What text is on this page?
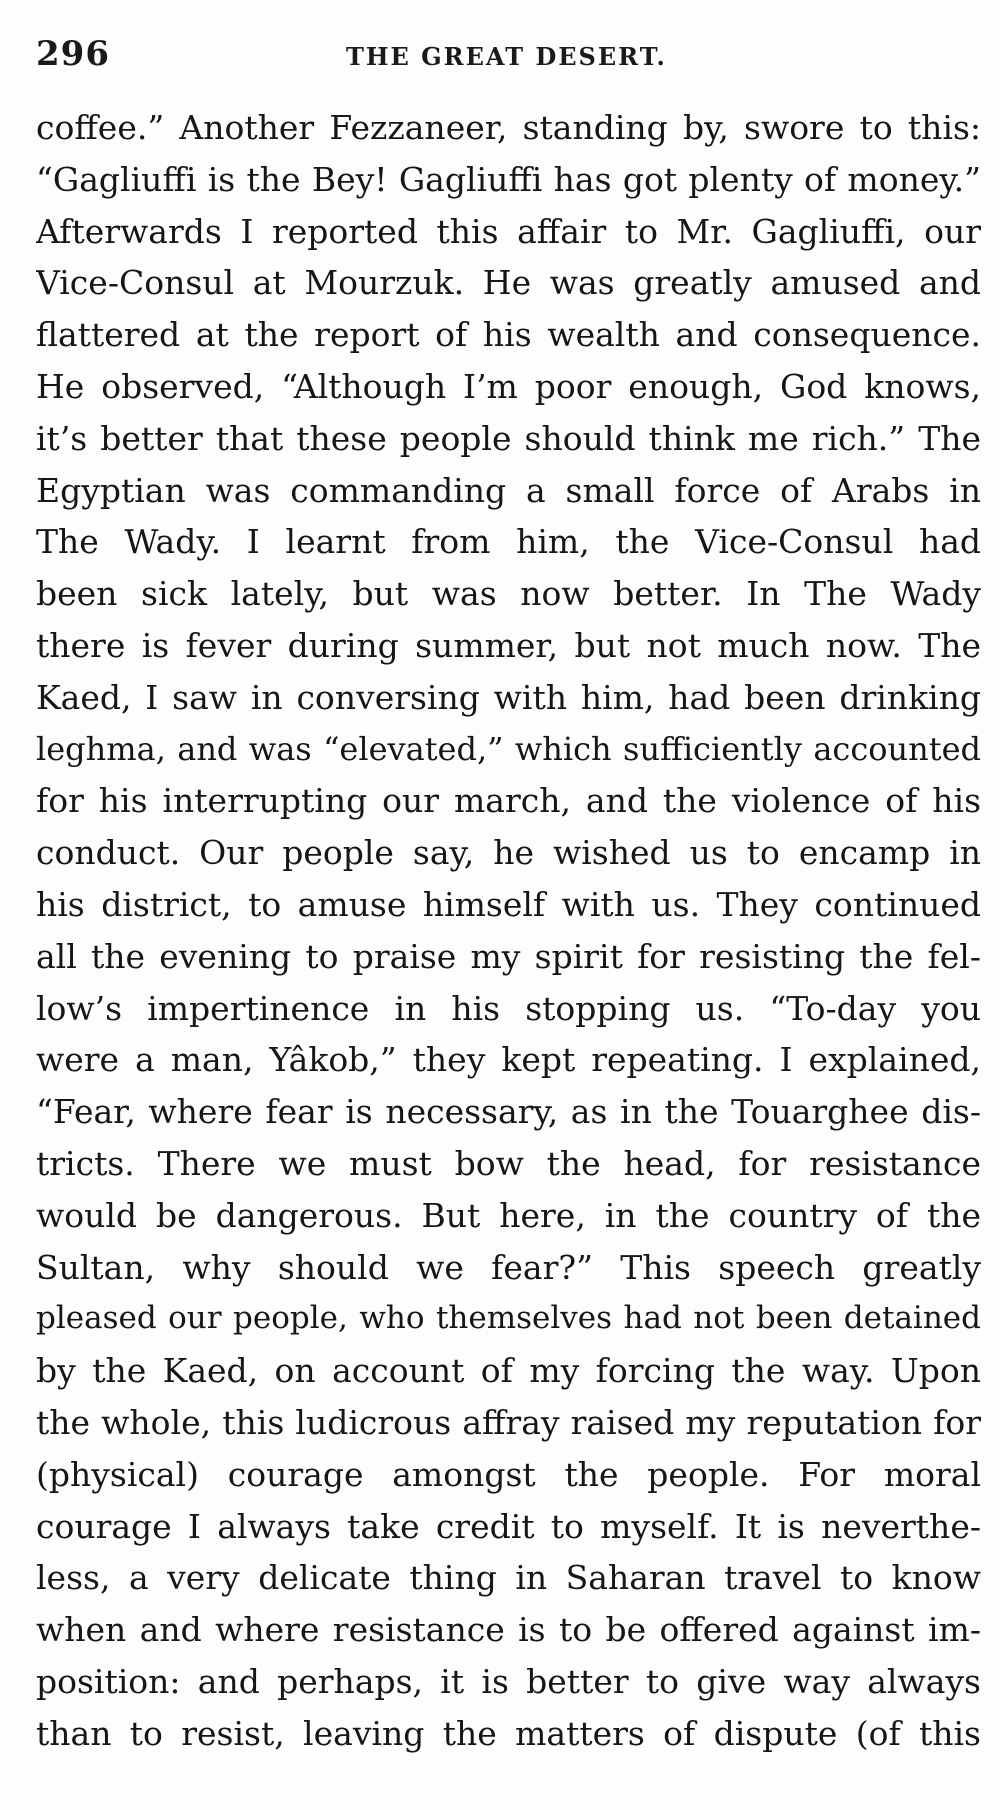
296	THE GREAT DESERT.
coffee.” Another Fezzaneer, standing by, swore to this:
“Gagliuffi is the Bey! Gagliuffi has got plenty of money.”
Afterwards I reported this affair to Mr. Gagliuffi, our
Vice-Consul at Mourzuk. He was greatly amused and
flattered at the report of his wealth and consequence.
He observed, “Although I’m poor enough, God knows,
it’s better that these people should think me rich.” The
Egyptian was commanding a small force of Arabs in
The Wady. I learnt from him, the Vice-Consul had
been sick lately, but was now better. In The Wady
there is fever during summer, but not much now. The
Kaed, I saw in conversing with him, had been drinking
leghma, and was “elevated,” which sufficiently accounted
for his interrupting our march, and the violence of his
conduct. Our people say, he wished us to encamp in
his district, to amuse himself with us. They continued
all the evening to praise my spirit for resisting the fel-
low’s impertinence in his stopping us. “To-day you
were a man, Yâkob,” they kept repeating. I explained,
“Fear, where fear is necessary, as in the Touarghee dis-
tricts. There we must bow the head, for resistance
would be dangerous. But here, in the country of the
Sultan, why should we fear?” This speech greatly
pleased our people, who themselves had not been detained
by the Kaed, on account of my forcing the way. Upon
the whole, this ludicrous affray raised my reputation for
(physical) courage amongst the people. For moral
courage I always take credit to myself. It is neverthe-
less, a very delicate thing in Saharan travel to know
when and where resistance is to be offered against im-
position: and perhaps, it is better to give way always
than to resist, leaving the matters of dispute (of this
